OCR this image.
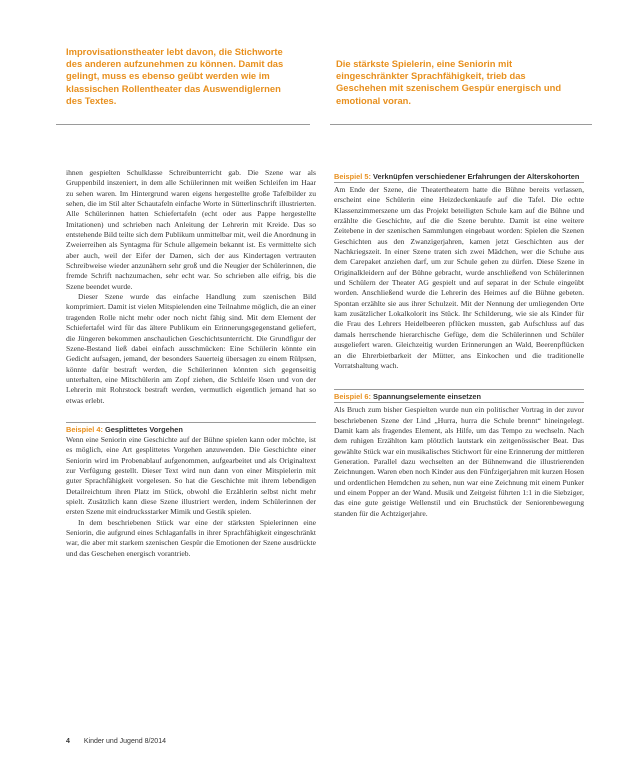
Improvisationstheater lebt davon, die Stichworte des anderen aufzunehmen zu können. Damit das gelingt, muss es ebenso geübt werden wie im klassischen Rollentheater das Auswendiglernen des Textes.
Die stärkste Spielerin, eine Seniorin mit eingeschränkter Sprachfähigkeit, trieb das Geschehen mit szenischem Gespür energisch und emotional voran.

ihnen gespielten Schulklasse Schreibunterricht gab. Die Szene war als Gruppenbild inszeniert, in dem alle Schülerinnen mit weißen Schleifen im Haar zu sehen waren. Im Hintergrund waren eigens hergestellte große Tafelbilder zu sehen, die im Stil alter Schautafeln einfache Worte in Sütterlinschrift illustrierten. Alle Schülerinnen hatten Schiefertafeln (echt oder aus Pappe hergestellte Imitationen) und schrieben nach Anleitung der Lehrerin mit Kreide. Das so entstehende Bild teilte sich dem Publikum unmittelbar mit, weil die Anordnung in Zweierreihen als Syntagma für Schule allgemein bekannt ist. Es vermittelte sich aber auch, weil der Eifer der Damen, sich der aus Kindertagen vertrauten Schreibweise wieder anzunähern sehr groß und die Neugier der Schülerinnen, die fremde Schrift nachzumachen, sehr echt war. So schrieben alle eifrig, bis die Szene beendet wurde.

Dieser Szene wurde das einfache Handlung zum szenischen Bild komprimiert. Damit ist vielen Mitspielenden eine Teilnahme möglich, die an einer tragenden Rolle nicht mehr oder noch nicht fähig sind. Mit dem Element der Schiefertafel wird für das ältere Publikum ein Erinnerungsgegenstand geliefert, die Jüngeren bekommen anschaulichen Geschichtsunterricht. Die Grundfigur der Szene-Bestand ließ dabei einfach ausschmücken: Eine Schülerin könnte ein Gedicht aufsagen, jemand, der besonders Sauerteig übersagen zu einem Rülpsen, könnte dafür bestraft werden, die Schülerinnen könnten sich gegenseitig unterhalten, eine Mitschülerin am Zopf ziehen, die Schleife lösen und von der Lehrerin mit Rohrstock bestraft werden, vermutlich eigentlich jemand hat so etwas erlebt.

Beispiel 4: Gesplittetes Vorgehen

Wenn eine Seniorin eine Geschichte auf der Bühne spielen kann oder möchte, ist es möglich, eine Art gesplittetes Vorgehen anzuwenden. Die Geschichte einer Seniorin wird im Probenablauf aufgenommen, aufgearbeitet und als Originaltext zur Verfügung gestellt. Dieser Text wird nun dann von einer Mitspielerin mit guter Sprachfähigkeit vorgelesen. So hat die Geschichte mit ihrem lebendigen Detailreichtum ihren Platz im Stück, obwohl die Erzählerin selbst nicht mehr spielt. Zusätzlich kann diese Szene illustriert werden, indem Schülerinnen der ersten Szene mit eindrucksstarker Mimik und Gestik spielen.

In dem beschriebenen Stück war eine der stärksten Spielerinnen eine Seniorin, die aufgrund eines Schlaganfalls in ihrer Sprachfähigkeit eingeschränkt war, die aber mit starkem szenischen Gespür die Emotionen der Szene ausdrückte und das Geschehen energisch vorantrieb.

Beispiel 5: Verknüpfen verschiedener Erfahrungen der Alterskohorten

Am Ende der Szene, die Theatertheatern hatte die Bühne bereits verlassen, erscheint eine Schülerin eine Heizdeckenkaufe auf die Tafel. Die echte Klassenzimmerszene um das Projekt beteiligten Schule kam auf die Bühne und erzählte die Geschichte, auf die die Szene beruhte. Damit ist eine weitere Zeitebene in der szenischen Sammlungen eingebaut worden: Spielen die Szenen Geschichten aus den Zwanzigerjahren, kamen jetzt Geschichten aus der Nachkriegszeit. In einer Szene traten sich zwei Mädchen, wer die Schuhe aus dem Carepaket anziehen darf, um zur Schule gehen zu dürfen. Diese Szene in Originalkleidern auf der Bühne gebracht, wurde anschließend von Schülerinnen und Schülern der Theater AG gespielt und auf separat in der Schule eingeübt worden. Anschließend wurde die Lehrerin des Heimes auf die Bühne gebeten. Spontan erzählte sie aus ihrer Schulzeit. Mit der Nennung der umliegenden Orte kam zusätzlicher Lokalkolorit ins Stück. Ihr Schilderung, wie sie als Kinder für die Frau des Lehrers Heidelbeeren pflücken mussten, gab Aufschluss auf das damals herrschende hierarchische Gefüge, dem die Schülerinnen und Schüler ausgeliefert waren. Gleichzeitig wurden Erinnerungen an Wald, Beerenpflücken an die Ehrerbietbarkeit der Mütter, ans Einkochen und die traditionelle Vorratshaltung wach.

Beispiel 6: Spannungselemente einsetzen

Als Bruch zum bisher Gespielten wurde nun ein politischer Vortrag in der zuvor beschriebenen Szene der Lind „Hurra, hurra die Schule brennt“ hineingelegt. Damit kam als fragendes Element, als Hilfe, um das Tempo zu wechseln. Nach dem ruhigen Erzählton kam plötzlich lautstark ein zeitgenössischer Beat. Das gewählte Stück war ein musikalisches Stichwort für eine Erinnerung der mittleren Generation. Parallel dazu wechselten an der Bühnenwand die illustrierenden Zeichnungen. Waren eben noch Kinder aus den Fünfzigerjahren mit kurzen Hosen und ordentlichen Hemdchen zu sehen, nun war eine Zeichnung mit einem Punker und einem Popper an der Wand. Musik und Zeitgeist führten 1:1 in die Siebziger, das eine gute geistige Wellenstil und ein Bruchstück der Seniorenbewegung standen für die Achtzigerjahre.

4 Kinder und Jugend 8/2014
